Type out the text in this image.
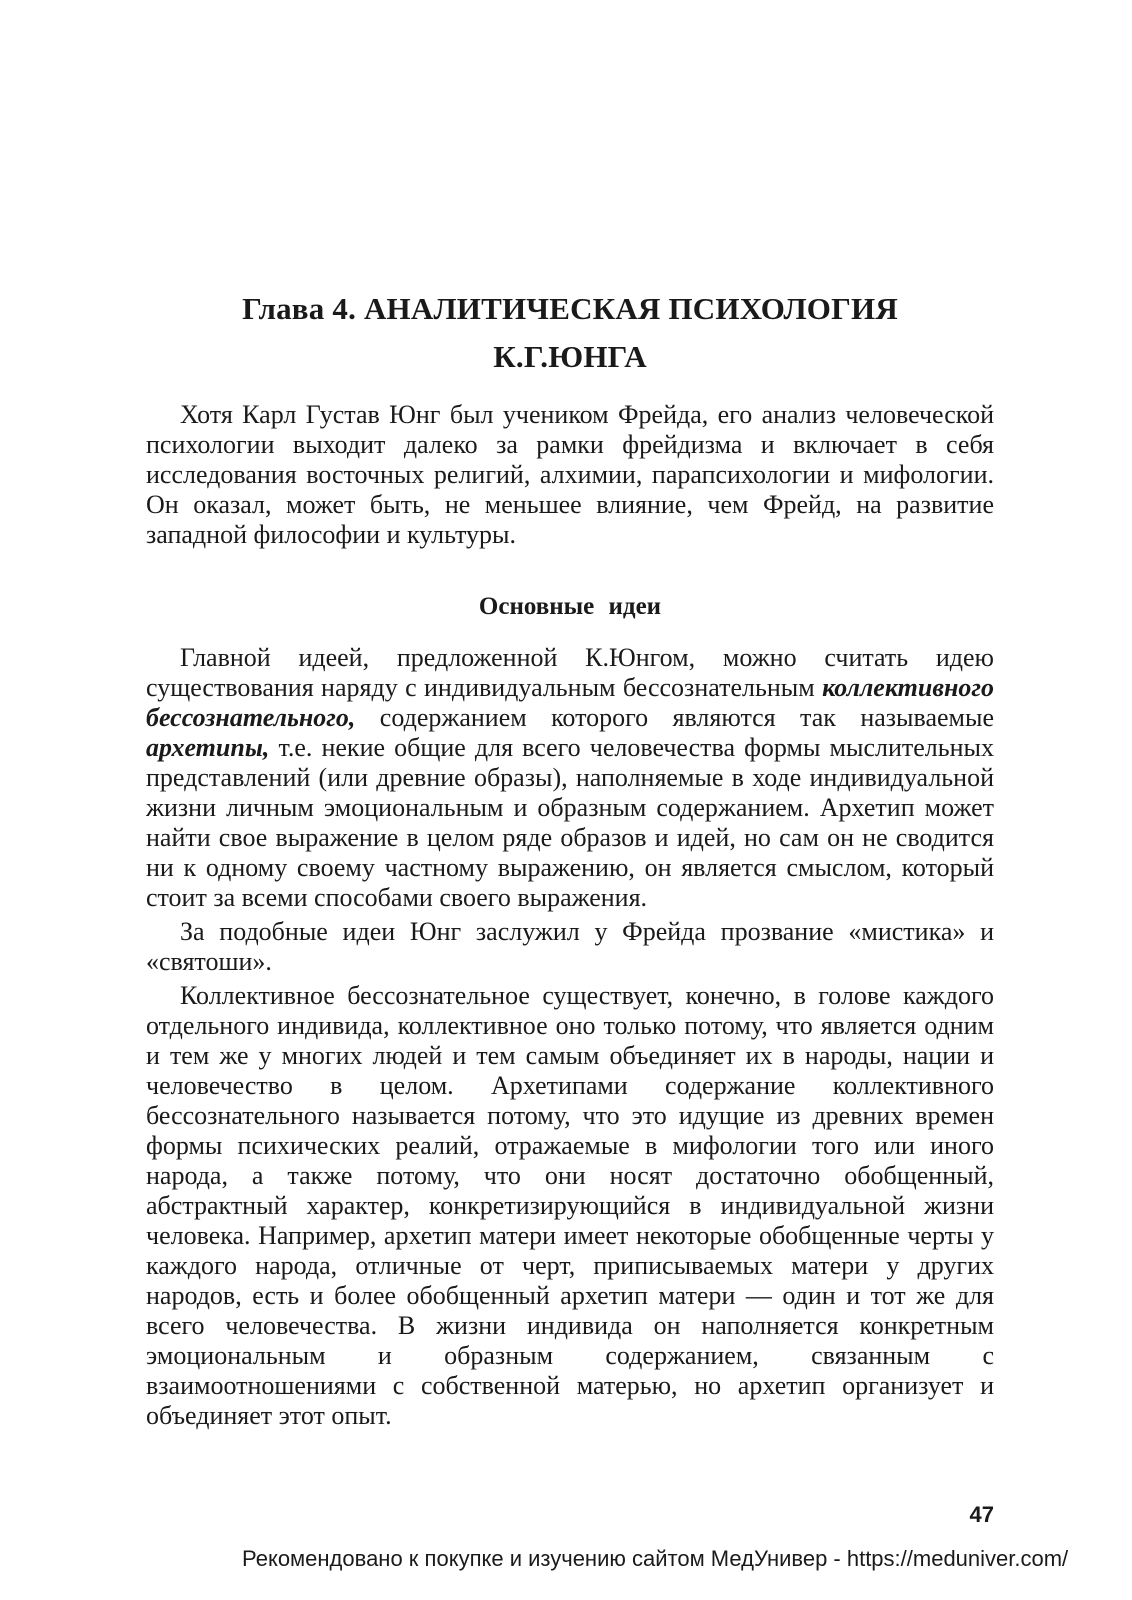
Глава 4. АНАЛИТИЧЕСКАЯ ПСИХОЛОГИЯ
К.Г.ЮНГА

Хотя Карл Густав Юнг был учеником Фрейда, его анализ человеческой психологии выходит далеко за рамки фрейдизма и включает в себя исследования восточных религий, алхимии, парапсихологии и мифологии. Он оказал, может быть, не меньшее влияние, чем Фрейд, на развитие западной философии и культуры.

Основные идеи

Главной идеей, предложенной К.Юнгом, можно считать идею существования наряду с индивидуальным бессознательным коллективного бессознательного, содержанием которого являются так называемые архетипы, т.е. некие общие для всего человечества формы мыслительных представлений (или древние образы), наполняемые в ходе индивидуальной жизни личным эмоциональным и образным содержанием. Архетип может найти свое выражение в целом ряде образов и идей, но сам он не сводится ни к одному своему частному выражению, он является смыслом, который стоит за всеми способами своего выражения.

За подобные идеи Юнг заслужил у Фрейда прозвание «мистика» и «святоши».

Коллективное бессознательное существует, конечно, в голове каждого отдельного индивида, коллективное оно только потому, что является одним и тем же у многих людей и тем самым объединяет их в народы, нации и человечество в целом. Архетипами содержание коллективного бессознательного называется потому, что это идущие из древних времен формы психических реалий, отражаемые в мифологии того или иного народа, а также потому, что они носят достаточно обобщенный, абстрактный характер, конкретизирующийся в индивидуальной жизни человека. Например, архетип матери имеет некоторые обобщенные черты у каждого народа, отличные от черт, приписываемых матери у других народов, есть и более обобщенный архетип матери — один и тот же для всего человечества. В жизни индивида он наполняется конкретным эмоциональным и образным содержанием, связанным с взаимоотношениями с собственной матерью, но архетип организует и объединяет этот опыт.

47
Рекомендовано к покупке и изучению сайтом МедУнивер - https://meduniver.com/
